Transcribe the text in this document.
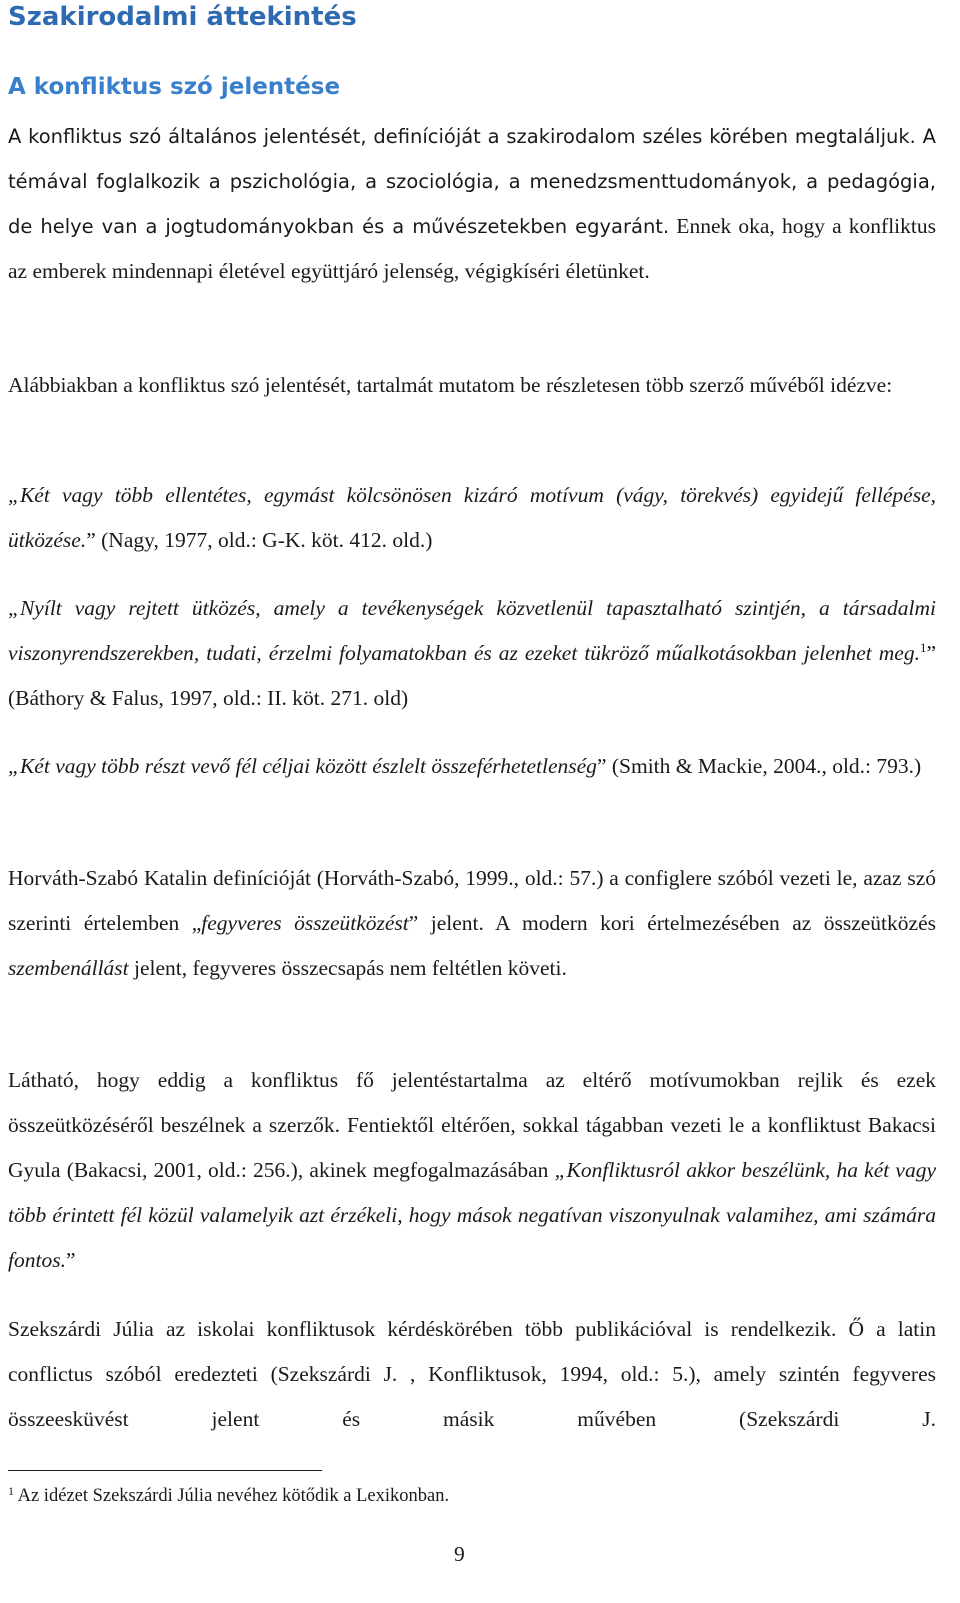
Szakirodalmi áttekintés
A konfliktus szó jelentése
A konfliktus szó általános jelentését, definícióját a szakirodalom széles körében megtaláljuk. A témával foglalkozik a pszichológia, a szociológia, a menedzsmenttudományok, a pedagógia, de helye van a jogtudományokban és a művészetekben egyaránt. Ennek oka, hogy a konfliktus az emberek mindennapi életével együttjáró jelenség, végigkíséri életünket.
Alábbiakban a konfliktus szó jelentését, tartalmát mutatom be részletesen több szerző művéből idézve:
„Két vagy több ellentétes, egymást kölcsönösen kizáró motívum (vágy, törekvés) egyidejű fellépése, ütközése.” (Nagy, 1977, old.: G-K. köt. 412. old.)
„Nyílt vagy rejtett ütközés, amely a tevékenységek közvetlenül tapasztalható szintjén, a társadalmi viszonyrendszerekben, tudati, érzelmi folyamatokban és az ezeket tükröző műalkotásokban jelenhet meg.$^1$” (Báthory & Falus, 1997, old.: II. köt. 271. old)
„Két vagy több részt vevő fél céljai között észlelt összeférhetetlenség” (Smith & Mackie, 2004., old.: 793.)
Horváth-Szabó Katalin definícióját (Horváth-Szabó, 1999., old.: 57.) a configlere szóból vezeti le, azaz szó szerinti értelemben „fegyveres összeütközést” jelent. A modern kori értelmezésében az összeütközés szembenállást jelent, fegyveres összecsapás nem feltétlen követi.
Látható, hogy eddig a konfliktus fő jelentéstartalma az eltérő motívumokban rejlik és ezek összeütközéséről beszélnek a szerzők. Fentiektől eltérően, sokkal tágabban vezeti le a konfliktust Bakacsi Gyula (Bakacsi, 2001, old.: 256.), akinek megfogalmazásában „Konfliktusról akkor beszélünk, ha két vagy több érintett fél közül valamelyik azt érzékeli, hogy mások negatívan viszonyulnak valamihez, ami számára fontos.”
Szekszárdi Júlia az iskolai konfliktusok kérdéskörében több publikációval is rendelkezik. Ő a latin conflictus szóból eredezteti (Szekszárdi J. , Konfliktusok, 1994, old.: 5.), amely szintén fegyveres összeesküvést jelent és másik művében (Szekszárdi J.
$^1$ Az idézet Szekszárdi Júlia nevéhez kötődik a Lexikonban.
9
